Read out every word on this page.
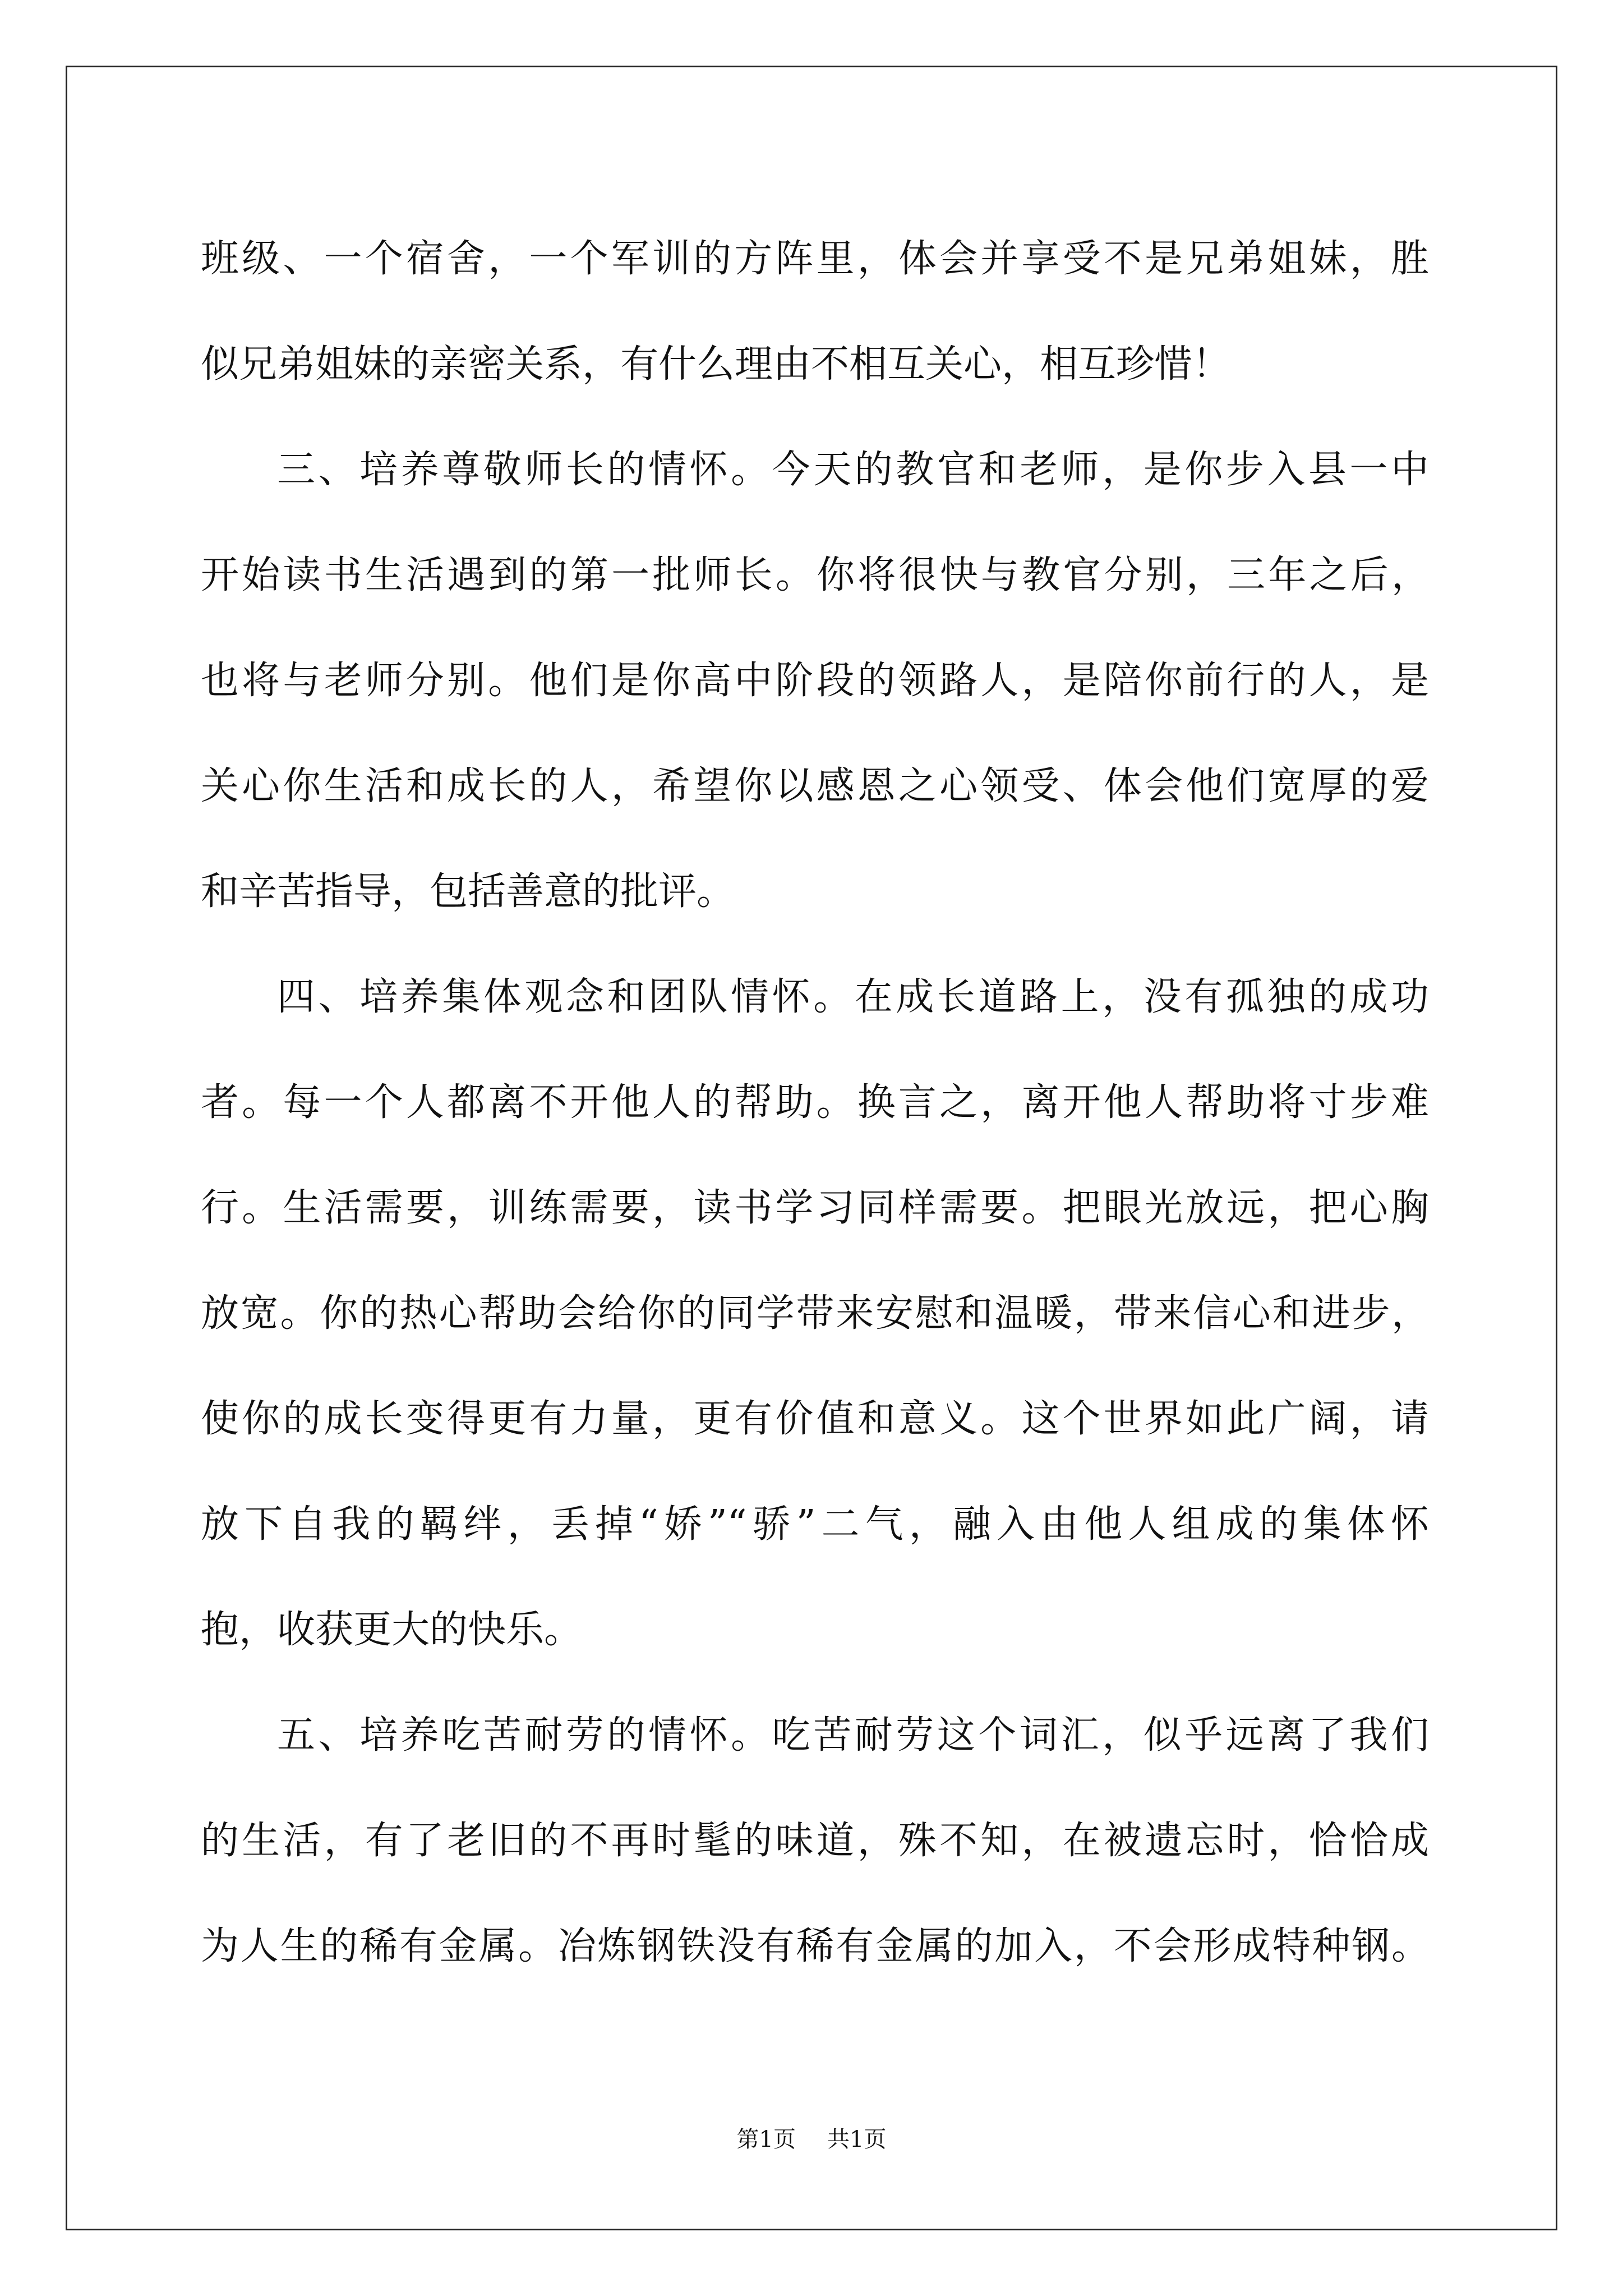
班级、一个宿舍，一个军训的方阵里，体会并享受不是兄弟姐妹，胜
似兄弟姐妹的亲密关系，有什么理由不相互关心，相互珍惜！
三、培养尊敬师长的情怀。今天的教官和老师，是你步入县一中
开始读书生活遇到的第一批师长。你将很快与教官分别，三年之后，
也将与老师分别。他们是你高中阶段的领路人，是陪你前行的人，是
关心你生活和成长的人，希望你以感恩之心领受、体会他们宽厚的爱
和辛苦指导，包括善意的批评。
四、培养集体观念和团队情怀。在成长道路上，没有孤独的成功
者。每一个人都离不开他人的帮助。换言之，离开他人帮助将寸步难
行。生活需要，训练需要，读书学习同样需要。把眼光放远，把心胸
放宽。你的热心帮助会给你的同学带来安慰和温暖，带来信心和进步，
使你的成长变得更有力量，更有价值和意义。这个世界如此广阔，请
放下自我的羁绊，丢掉“娇”“骄”二气，融入由他人组成的集体怀
抱，收获更大的快乐。
五、培养吃苦耐劳的情怀。吃苦耐劳这个词汇，似乎远离了我们
的生活，有了老旧的不再时髦的味道，殊不知，在被遗忘时，恰恰成
为人生的稀有金属。冶炼钢铁没有稀有金属的加入，不会形成特种钢。
第1页 共1页
